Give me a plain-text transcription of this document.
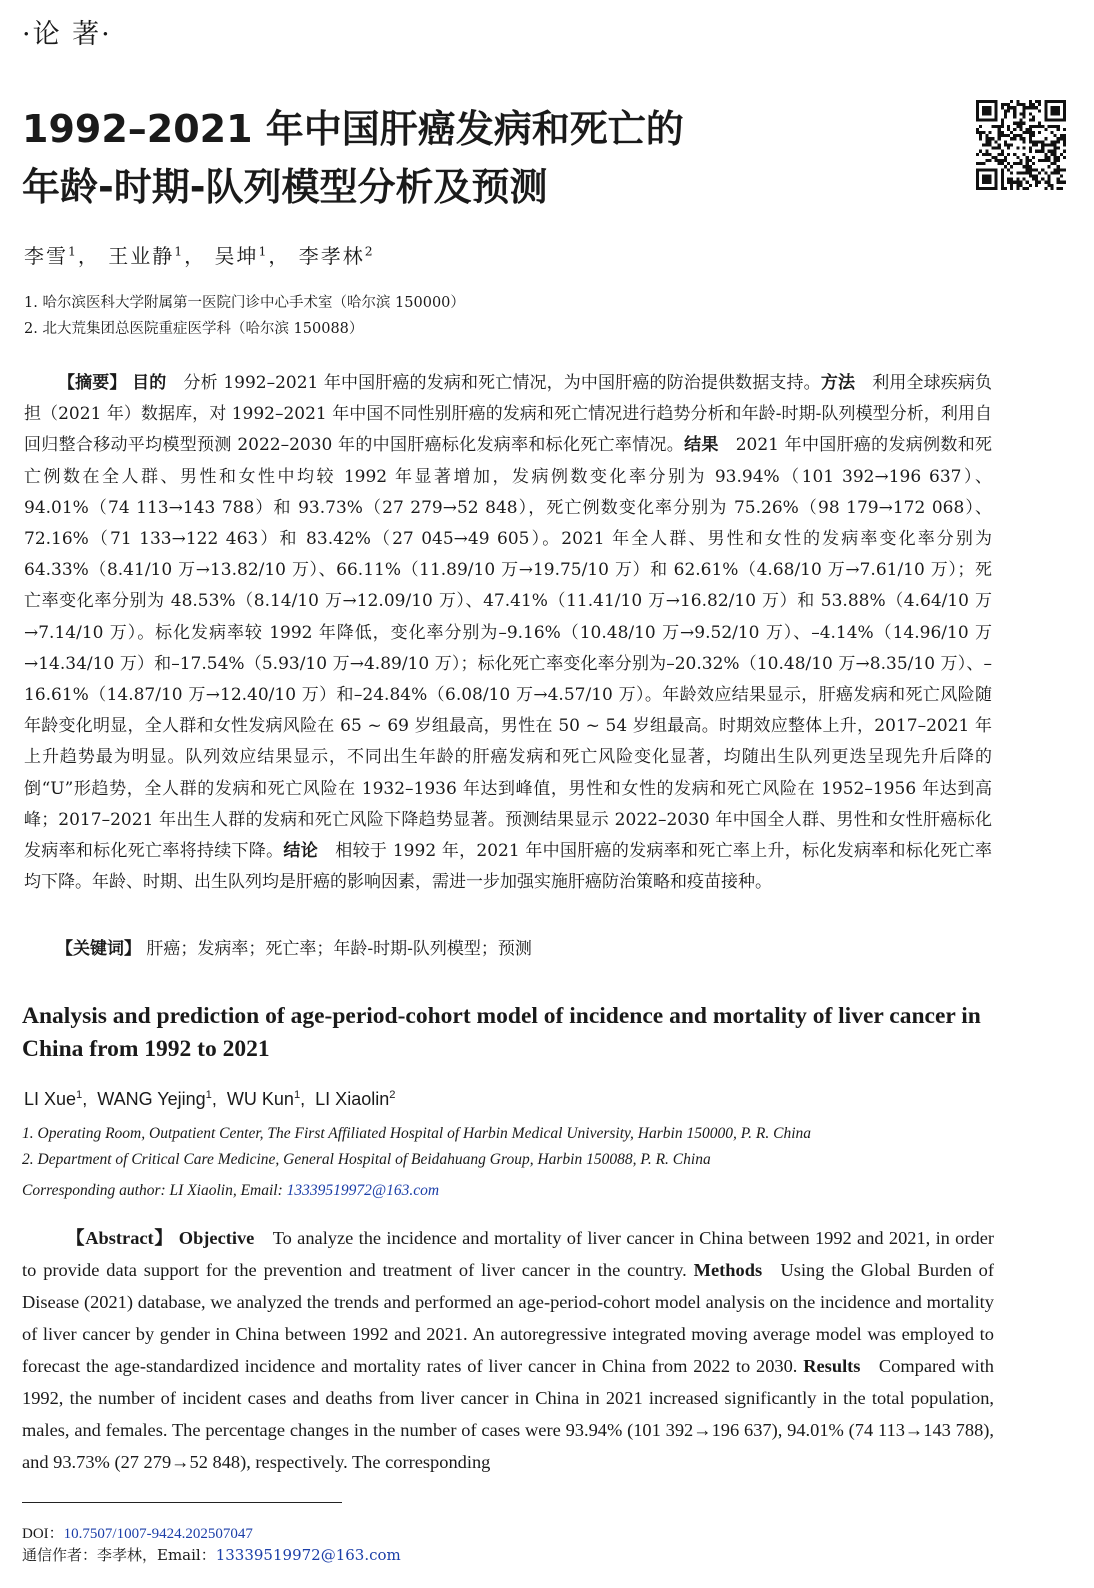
·论 著·
1992–2021 年中国肝癌发病和死亡的
年龄-时期-队列模型分析及预测
李雪$^1$， 王业静$^1$， 吴坤$^1$， 李孝林$^2$
1. 哈尔滨医科大学附属第一医院门诊中心手术室（哈尔滨 150000）
2. 北大荒集团总医院重症医学科（哈尔滨 150088）

【摘要】 目的  分析 1992–2021 年中国肝癌的发病和死亡情况，为中国肝癌的防治提供数据支持。方法  利用全球疾病负担（2021 年）数据库，对 1992–2021 年中国不同性别肝癌的发病和死亡情况进行趋势分析和年龄-时期-队列模型分析，利用自回归整合移动平均模型预测 2022–2030 年的中国肝癌标化发病率和标化死亡率情况。结果  2021 年中国肝癌的发病例数和死亡例数在全人群、男性和女性中均较 1992 年显著增加，发病例数变化率分别为 93.94%（101 392→196 637）、94.01%（74 113→143 788）和 93.73%（27 279→52 848），死亡例数变化率分别为 75.26%（98 179→172 068）、72.16%（71 133→122 463）和 83.42%（27 045→49 605）。2021 年全人群、男性和女性的发病率变化率分别为 64.33%（8.41/10 万→13.82/10 万）、66.11%（11.89/10 万→19.75/10 万）和 62.61%（4.68/10 万→7.61/10 万）；死亡率变化率分别为 48.53%（8.14/10 万→12.09/10 万）、47.41%（11.41/10 万→16.82/10 万）和 53.88%（4.64/10 万→7.14/10 万）。标化发病率较 1992 年降低，变化率分别为–9.16%（10.48/10 万→9.52/10 万）、–4.14%（14.96/10 万→14.34/10 万）和–17.54%（5.93/10 万→4.89/10 万）；标化死亡率变化率分别为–20.32%（10.48/10 万→8.35/10 万）、–16.61%（14.87/10 万→12.40/10 万）和–24.84%（6.08/10 万→4.57/10 万）。年龄效应结果显示，肝癌发病和死亡风险随年龄变化明显，全人群和女性发病风险在 65 ~ 69 岁组最高，男性在 50 ~ 54 岁组最高。时期效应整体上升，2017–2021 年上升趋势最为明显。队列效应结果显示，不同出生年龄的肝癌发病和死亡风险变化显著，均随出生队列更迭呈现先升后降的倒“U”形趋势，全人群的发病和死亡风险在 1932–1936 年达到峰值，男性和女性的发病和死亡风险在 1952–1956 年达到高峰；2017–2021 年出生人群的发病和死亡风险下降趋势显著。预测结果显示 2022–2030 年中国全人群、男性和女性肝癌标化发病率和标化死亡率将持续下降。结论  相较于 1992 年，2021 年中国肝癌的发病率和死亡率上升，标化发病率和标化死亡率均下降。年龄、时期、出生队列均是肝癌的影响因素，需进一步加强实施肝癌防治策略和疫苗接种。

【关键词】 肝癌；发病率；死亡率；年龄-时期-队列模型；预测

Analysis and prediction of age-period-cohort model of incidence and mortality of liver cancer in China from 1992 to 2021

LI Xue$^1$,  WANG Yejing$^1$,  WU Kun$^1$,  LI Xiaolin$^2$
1. Operating Room, Outpatient Center, The First Affiliated Hospital of Harbin Medical University, Harbin 150000, P. R. China
2. Department of Critical Care Medicine, General Hospital of Beidahuang Group, Harbin 150088, P. R. China
Corresponding author: LI Xiaolin, Email: 13339519972@163.com

【Abstract】 Objective  To analyze the incidence and mortality of liver cancer in China between 1992 and 2021, in order to provide data support for the prevention and treatment of liver cancer in the country. Methods  Using the Global Burden of Disease (2021) database, we analyzed the trends and performed an age-period-cohort model analysis on the incidence and mortality of liver cancer by gender in China between 1992 and 2021. An autoregressive integrated moving average model was employed to forecast the age-standardized incidence and mortality rates of liver cancer in China from 2022 to 2030. Results  Compared with 1992, the number of incident cases and deaths from liver cancer in China in 2021 increased significantly in the total population, males, and females. The percentage changes in the number of cases were 93.94% (101 392→196 637), 94.01% (74 113→143 788), and 93.73% (27 279→52 848), respectively. The corresponding

DOI：10.7507/1007-9424.202507047
通信作者：李孝林，Email：13339519972@163.com
